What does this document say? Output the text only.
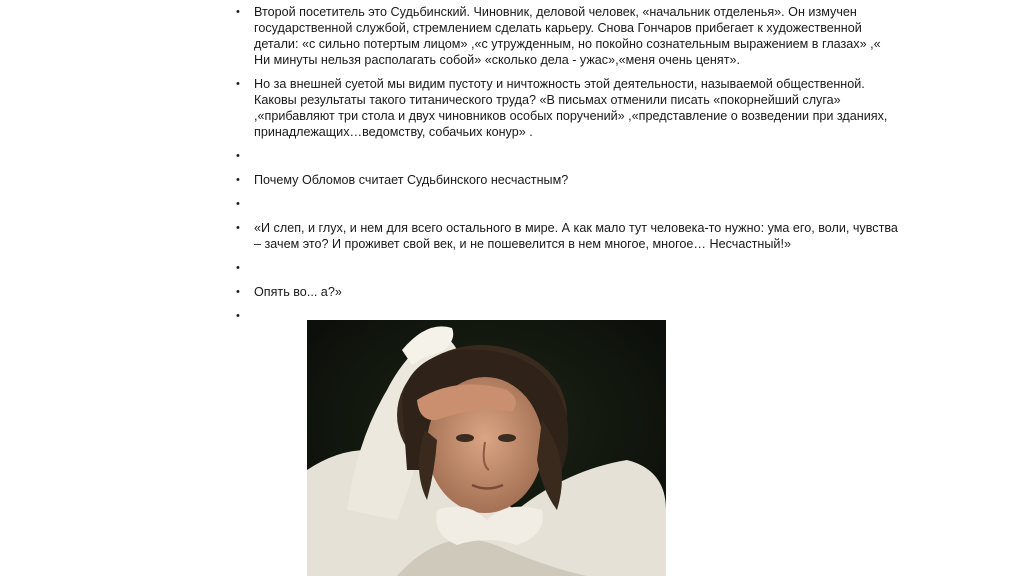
• Второй посетитель это Судьбинский. Чиновник, деловой человек, «начальник отделенья». Он измучен государственной службой, стремлением сделать карьеру. Снова Гончаров прибегает к художественной детали: «с сильно потертым лицом» ,«с утружденным, но покойно сознательным выражением в глазах» ,« Ни минуты нельзя располагать собой» «сколько дела - ужас»,«меня очень ценят».
• Но за внешней суетой мы видим пустоту и ничтожность этой деятельности, называемой общественной. Каковы результаты такого титанического труда? «В письмах отменили писать «покорнейший слуга» ,«прибавляют три стола и двух чиновников особых поручений» ,«представление о возведении при зданиях, принадлежащих…ведомству, собачьих конур» .
•
• Почему Обломов считает Судьбинского несчастным?
•
• «И слеп, и глух, и нем для всего остального в мире. А как мало тут человека-то нужно: ума его, воли, чувства – зачем это? И проживет свой век, и не пошевелится в нем многое, многое… Несчастный!»
•
• Опять во... а?»
•
